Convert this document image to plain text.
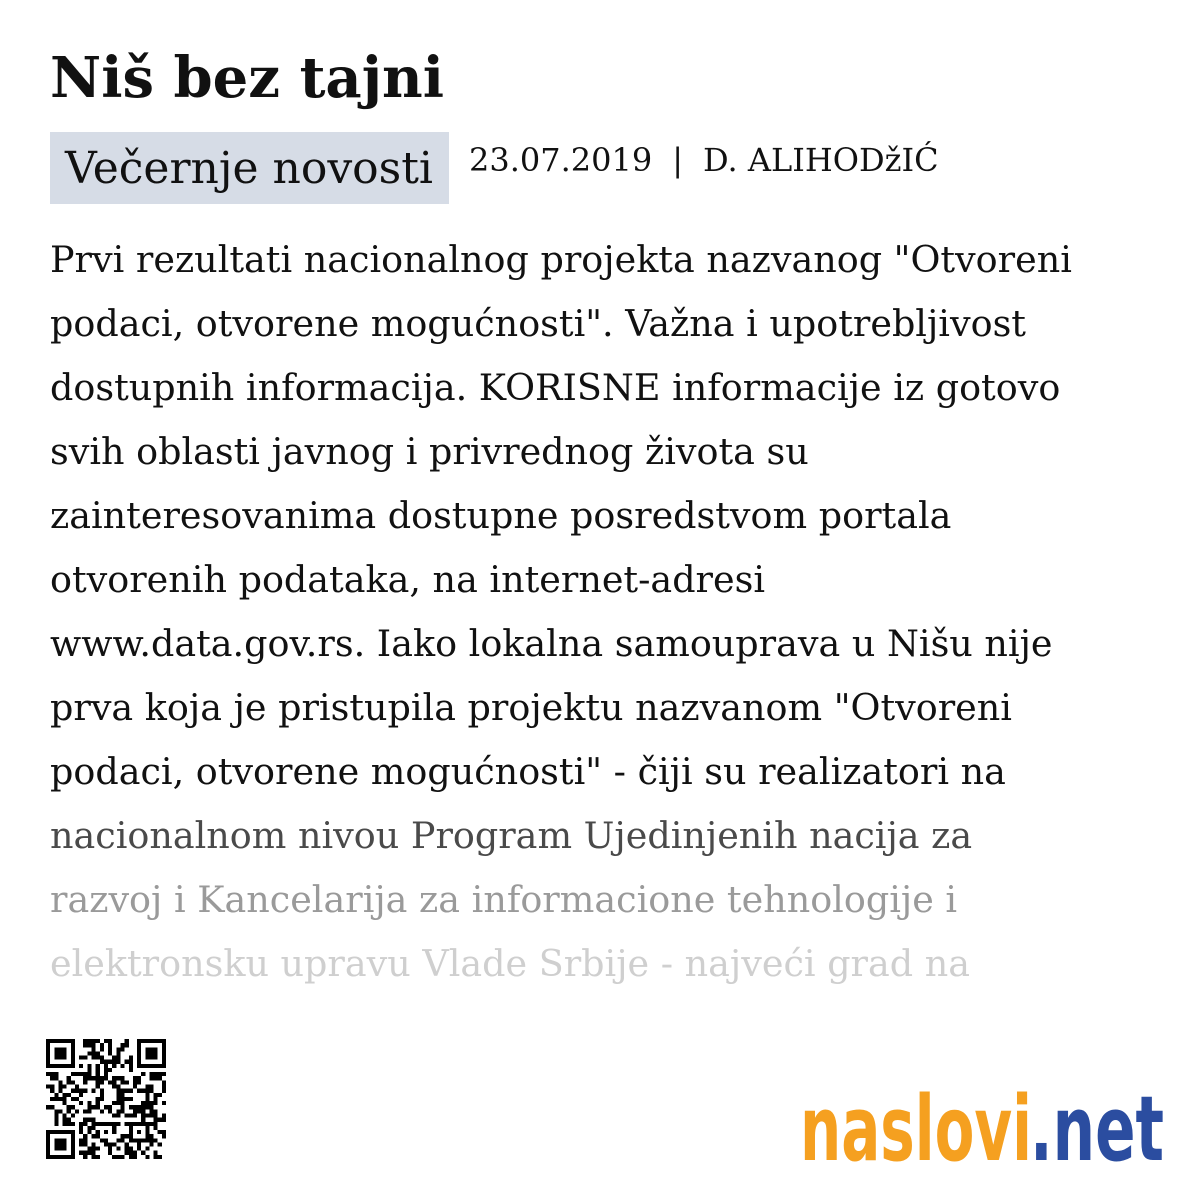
Niš bez tajni
Večernje novosti	23.07.2019 | D. ALIHODžIĆ
Prvi rezultati nacionalnog projekta nazvanog "Otvoreni
podaci, otvorene mogućnosti". Važna i upotrebljivost
dostupnih informacija. KORISNE informacije iz gotovo
svih oblasti javnog i privrednog života su
zainteresovanima dostupne posredstvom portala
otvorenih podataka, na internet-adresi
www.data.gov.rs. Iako lokalna samouprava u Nišu nije
prva koja je pristupila projektu nazvanom "Otvoreni
podaci, otvorene mogućnosti" - čiji su realizatori na
nacionalnom nivou Program Ujedinjenih nacija za
razvoj i Kancelarija za informacione tehnologije i
elektronsku upravu Vlade Srbije - najveći grad na
naslovi
.net
